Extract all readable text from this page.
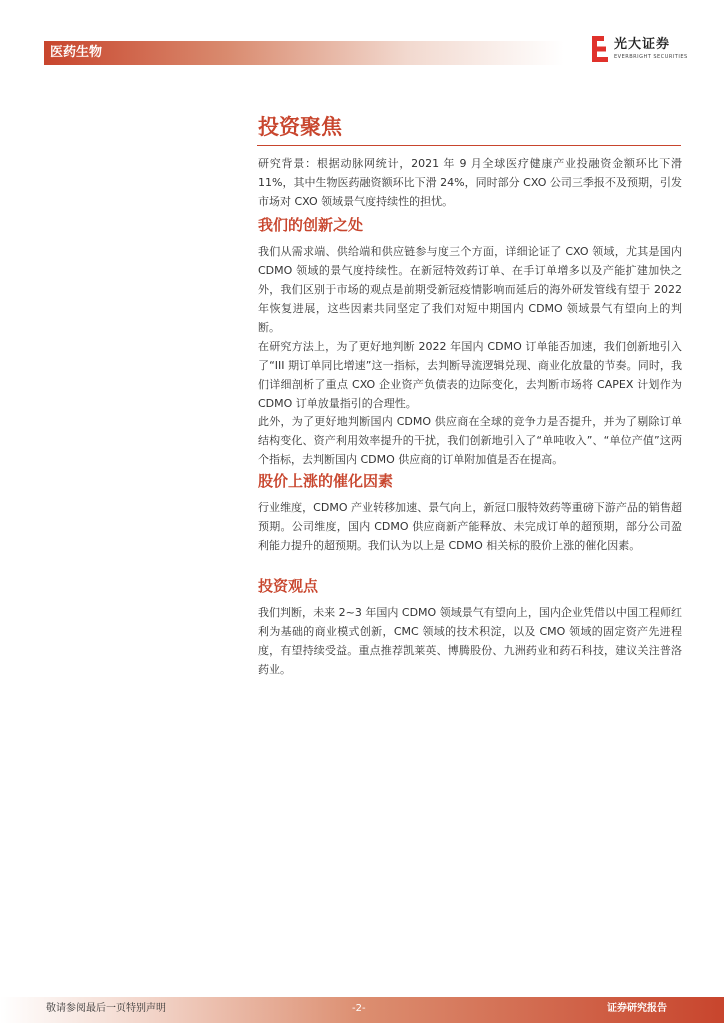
医药生物
光大证券
EVERBRIGHT SECURITIES
投资聚焦

研究背景：根据动脉网统计，2021 年 9 月全球医疗健康产业投融资金额环比下滑 11%，其中生物医药融资额环比下滑 24%，同时部分 CXO 公司三季报不及预期，引发市场对 CXO 领域景气度持续性的担忧。

我们的创新之处

我们从需求端、供给端和供应链参与度三个方面，详细论证了 CXO 领域，尤其是国内 CDMO 领域的景气度持续性。在新冠特效药订单、在手订单增多以及产能扩建加快之外，我们区别于市场的观点是前期受新冠疫情影响而延后的海外研发管线有望于 2022 年恢复进展，这些因素共同坚定了我们对短中期国内 CDMO 领域景气有望向上的判断。

在研究方法上，为了更好地判断 2022 年国内 CDMO 订单能否加速，我们创新地引入了“III 期订单同比增速”这一指标，去判断导流逻辑兑现、商业化放量的节奏。同时，我们详细剖析了重点 CXO 企业资产负债表的边际变化，去判断市场将 CAPEX 计划作为 CDMO 订单放量指引的合理性。

此外，为了更好地判断国内 CDMO 供应商在全球的竞争力是否提升，并为了剔除订单结构变化、资产利用效率提升的干扰，我们创新地引入了“单吨收入”、“单位产值”这两个指标，去判断国内 CDMO 供应商的订单附加值是否在提高。

股价上涨的催化因素

行业维度，CDMO 产业转移加速、景气向上，新冠口服特效药等重磅下游产品的销售超预期。公司维度，国内 CDMO 供应商新产能释放、未完成订单的超预期，部分公司盈利能力提升的超预期。我们认为以上是 CDMO 相关标的股价上涨的催化因素。

投资观点

我们判断，未来 2~3 年国内 CDMO 领域景气有望向上，国内企业凭借以中国工程师红利为基础的商业模式创新，CMC 领域的技术积淀，以及 CMO 领域的固定资产先进程度，有望持续受益。重点推荐凯莱英、博腾股份、九洲药业和药石科技，建议关注普洛药业。

敬请参阅最后一页特别声明	-2-	证券研究报告
